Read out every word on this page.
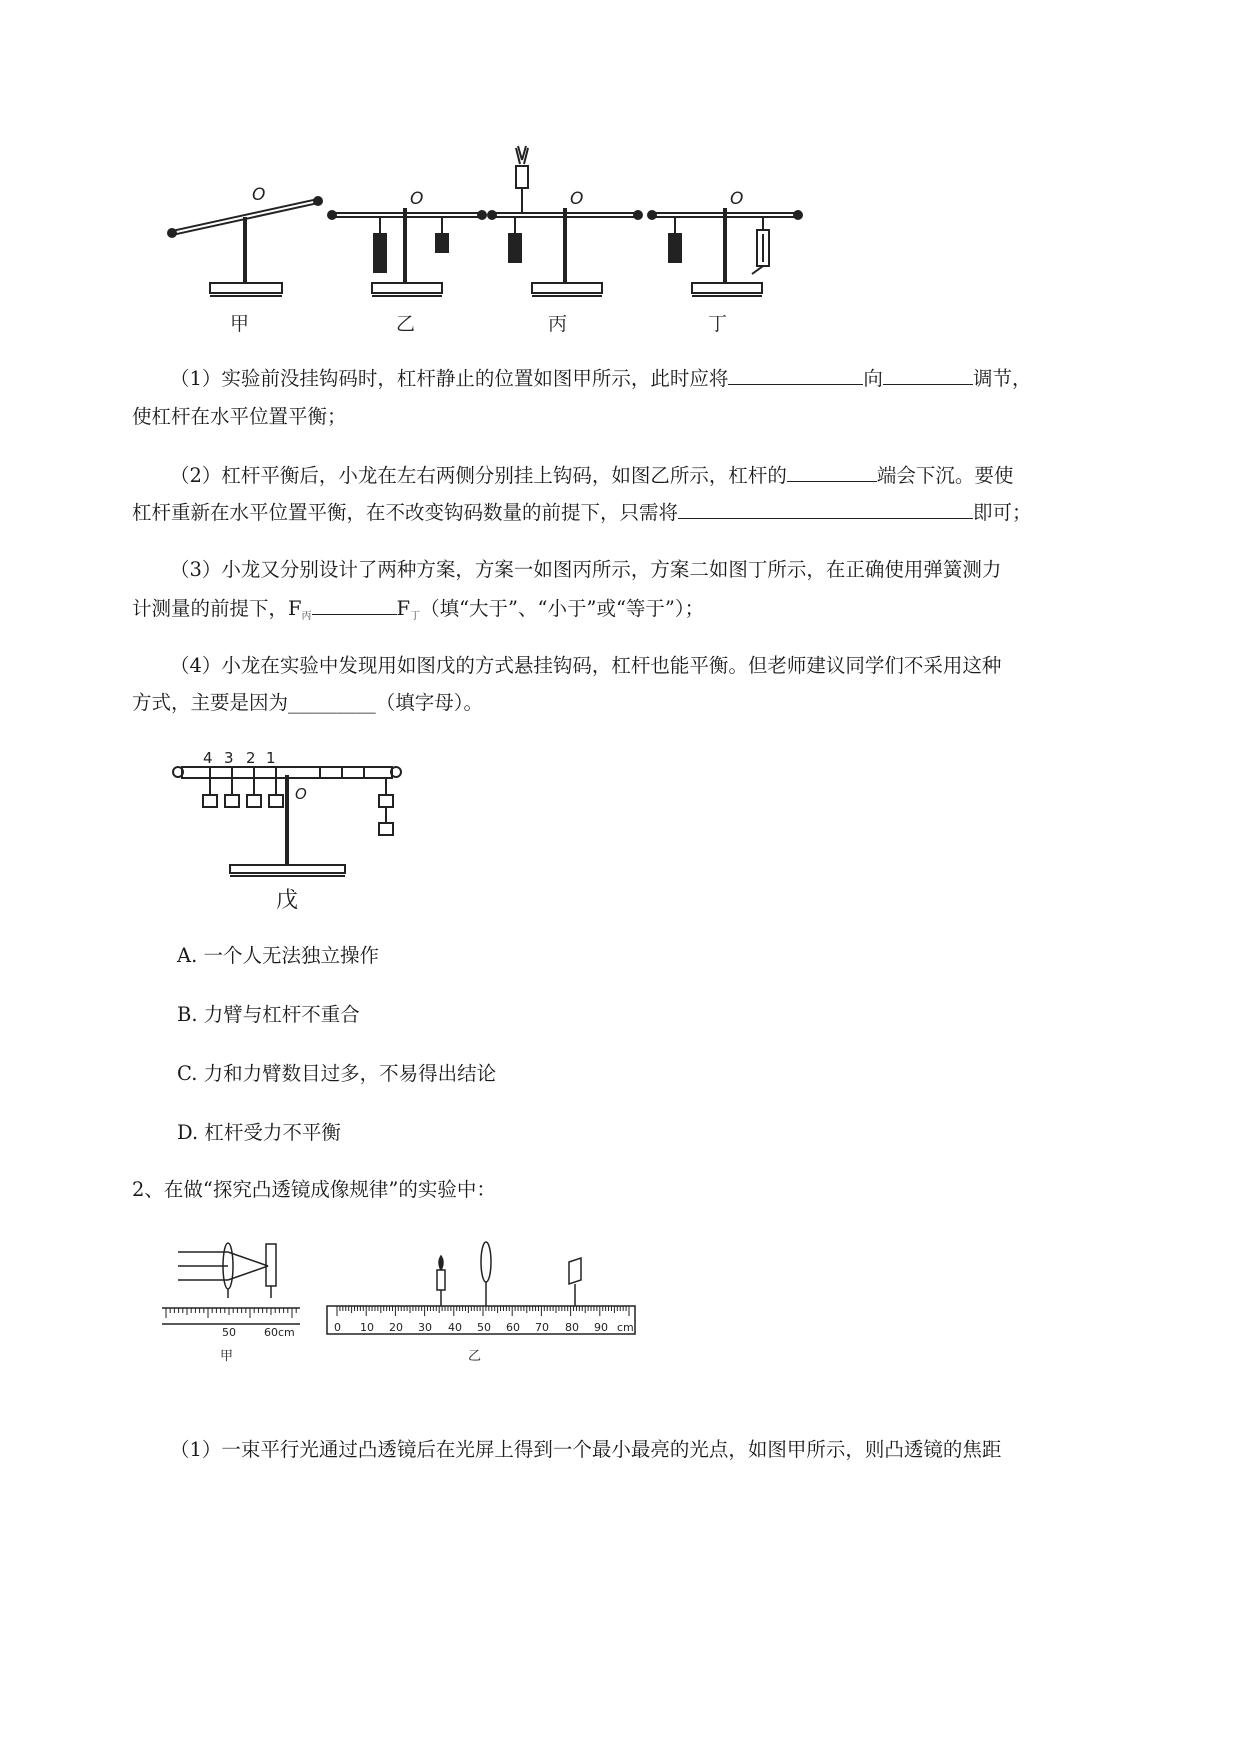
O	O	O	O
甲	乙	丙	丁
（1）实验前没挂钩码时，杠杆静止的位置如图甲所示，此时应将	向	调节，
使杠杆在水平位置平衡；
（2）杠杆平衡后，小龙在左右两侧分别挂上钩码，如图乙所示，杠杆的	端会下沉。要使
杠杆重新在水平位置平衡，在不改变钩码数量的前提下，只需将	即可；
（3）小龙又分别设计了两种方案，方案一如图丙所示，方案二如图丁所示，在正确使用弹簧测力
计测量的前提下，$F_丙$	$F_丁$（填“大于”、“小于”或“等于”）；
（4）小龙在实验中发现用如图戊的方式悬挂钩码，杠杆也能平衡。但老师建议同学们不采用这种
方式，主要是因为_________（填字母）。
4 3 2 1
O
戊
A. 一个人无法独立操作
B. 力臂与杠杆不重合
C. 力和力臂数目过多，不易得出结论
D. 杠杆受力不平衡
2、在做“探究凸透镜成像规律”的实验中：
50	60cm
甲
0 10 20 30 40 50 60 70 80 90 cm
乙
（1）一束平行光通过凸透镜后在光屏上得到一个最小最亮的光点，如图甲所示，则凸透镜的焦距
